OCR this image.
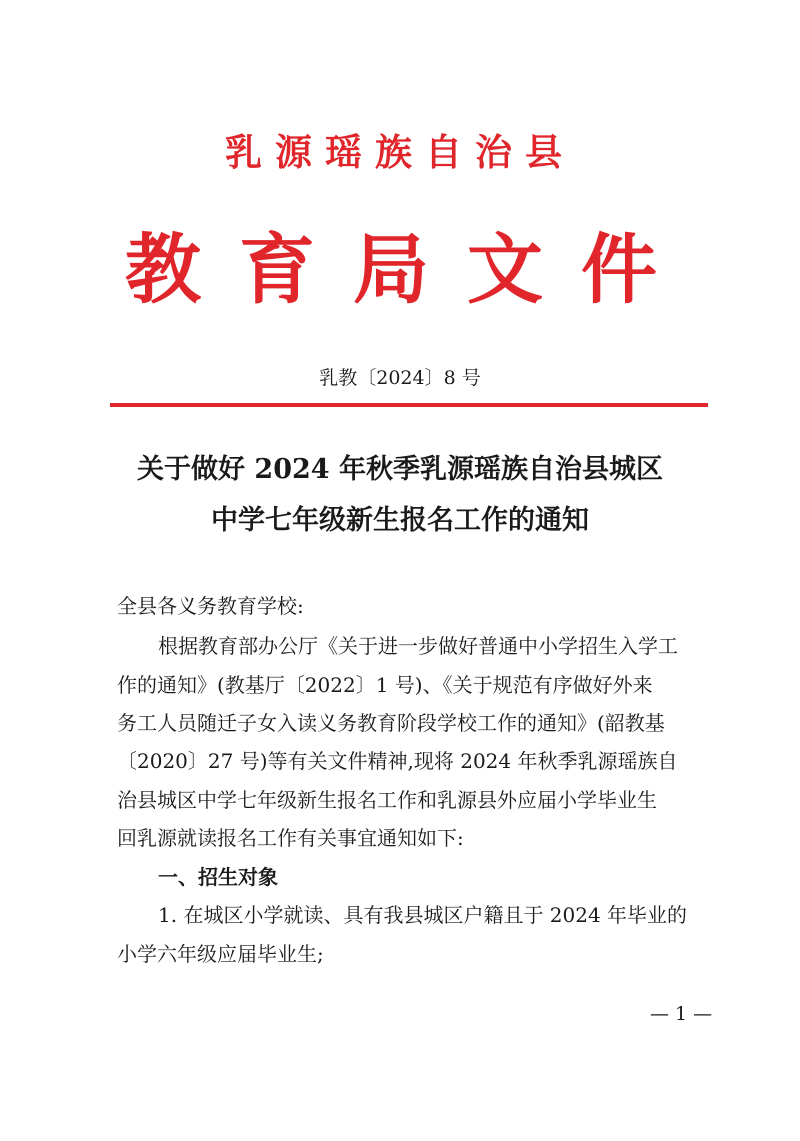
乳源瑶族自治县
教育局文件
乳教〔2024〕8 号
关于做好 2024 年秋季乳源瑶族自治县城区
中学七年级新生报名工作的通知
全县各义务教育学校:
根据教育部办公厅《关于进一步做好普通中小学招生入学工
作的通知》(教基厅〔2022〕1 号)、《关于规范有序做好外来
务工人员随迁子女入读义务教育阶段学校工作的通知》(韶教基
〔2020〕27 号)等有关文件精神,现将 2024 年秋季乳源瑶族自
治县城区中学七年级新生报名工作和乳源县外应届小学毕业生
回乳源就读报名工作有关事宜通知如下:
一、招生对象
1. 在城区小学就读、具有我县城区户籍且于 2024 年毕业的
小学六年级应届毕业生;
— 1 —
